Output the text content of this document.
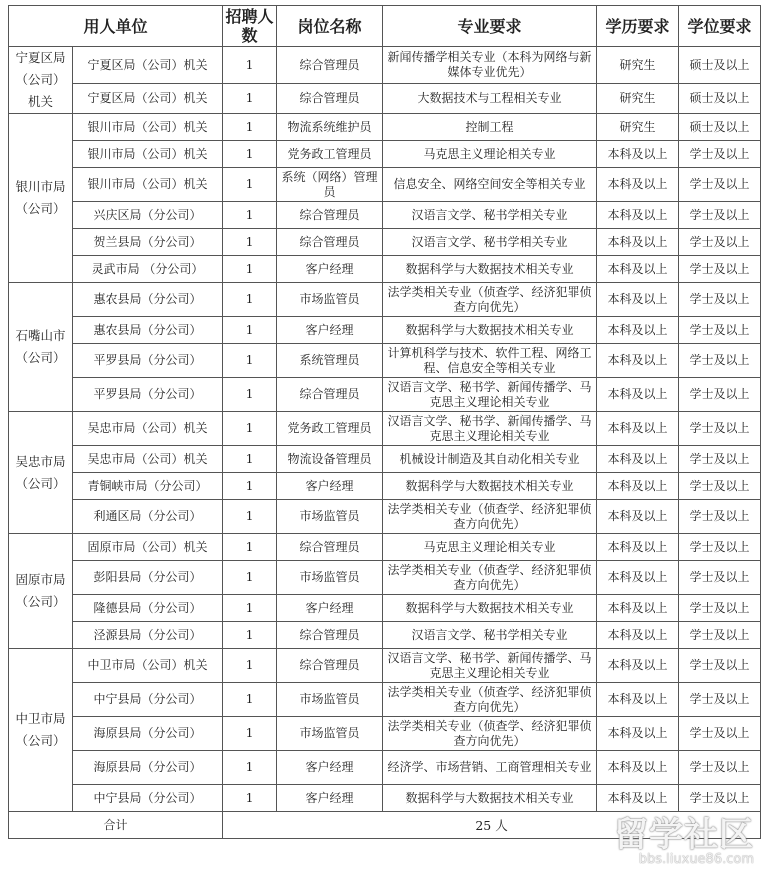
用人单位		招聘人数	岗位名称	专业要求	学历要求	学位要求
宁夏区局（公司）机关	宁夏区局（公司）机关	1	综合管理员	新闻传播学相关专业（本科为网络与新媒体专业优先）	研究生	硕士及以上
	宁夏区局（公司）机关	1	综合管理员	大数据技术与工程相关专业	研究生	硕士及以上
银川市局（公司）	银川市局（公司）机关	1	物流系统维护员	控制工程	研究生	硕士及以上
	银川市局（公司）机关	1	党务政工管理员	马克思主义理论相关专业	本科及以上	学士及以上
	银川市局（公司）机关	1	系统（网络）管理员	信息安全、网络空间安全等相关专业	本科及以上	学士及以上
	兴庆区局（分公司）	1	综合管理员	汉语言文学、秘书学相关专业	本科及以上	学士及以上
	贺兰县局（分公司）	1	综合管理员	汉语言文学、秘书学相关专业	本科及以上	学士及以上
	灵武市局 （分公司）	1	客户经理	数据科学与大数据技术相关专业	本科及以上	学士及以上
石嘴山市（公司）	惠农县局（分公司）	1	市场监管员	法学类相关专业（侦查学、经济犯罪侦查方向优先）	本科及以上	学士及以上
	惠农县局（分公司）	1	客户经理	数据科学与大数据技术相关专业	本科及以上	学士及以上
	平罗县局（分公司）	1	系统管理员	计算机科学与技术、软件工程、网络工程、信息安全等相关专业	本科及以上	学士及以上
	平罗县局（分公司）	1	综合管理员	汉语言文学、秘书学、新闻传播学、马克思主义理论相关专业	本科及以上	学士及以上
吴忠市局（公司）	吴忠市局（公司）机关	1	党务政工管理员	汉语言文学、秘书学、新闻传播学、马克思主义理论相关专业	本科及以上	学士及以上
	吴忠市局（公司）机关	1	物流设备管理员	机械设计制造及其自动化相关专业	本科及以上	学士及以上
	青铜峡市局（分公司）	1	客户经理	数据科学与大数据技术相关专业	本科及以上	学士及以上
	利通区局（分公司）	1	市场监管员	法学类相关专业（侦查学、经济犯罪侦查方向优先）	本科及以上	学士及以上
固原市局（公司）	固原市局（公司）机关	1	综合管理员	马克思主义理论相关专业	本科及以上	学士及以上
	彭阳县局（分公司）	1	市场监管员	法学类相关专业（侦查学、经济犯罪侦查方向优先）	本科及以上	学士及以上
	隆德县局（分公司）	1	客户经理	数据科学与大数据技术相关专业	本科及以上	学士及以上
	泾源县局（分公司）	1	综合管理员	汉语言文学、秘书学相关专业	本科及以上	学士及以上
中卫市局（公司）	中卫市局（公司）机关	1	综合管理员	汉语言文学、秘书学、新闻传播学、马克思主义理论相关专业	本科及以上	学士及以上
	中宁县局（分公司）	1	市场监管员	法学类相关专业（侦查学、经济犯罪侦查方向优先）	本科及以上	学士及以上
	海原县局（分公司）	1	市场监管员	法学类相关专业（侦查学、经济犯罪侦查方向优先）	本科及以上	学士及以上
	海原县局（分公司）	1	客户经理	经济学、市场营销、工商管理相关专业	本科及以上	学士及以上
	中宁县局（分公司）	1	客户经理	数据科学与大数据技术相关专业	本科及以上	学士及以上
合计		25 人					留学社区
bbs.liuxue86.com
